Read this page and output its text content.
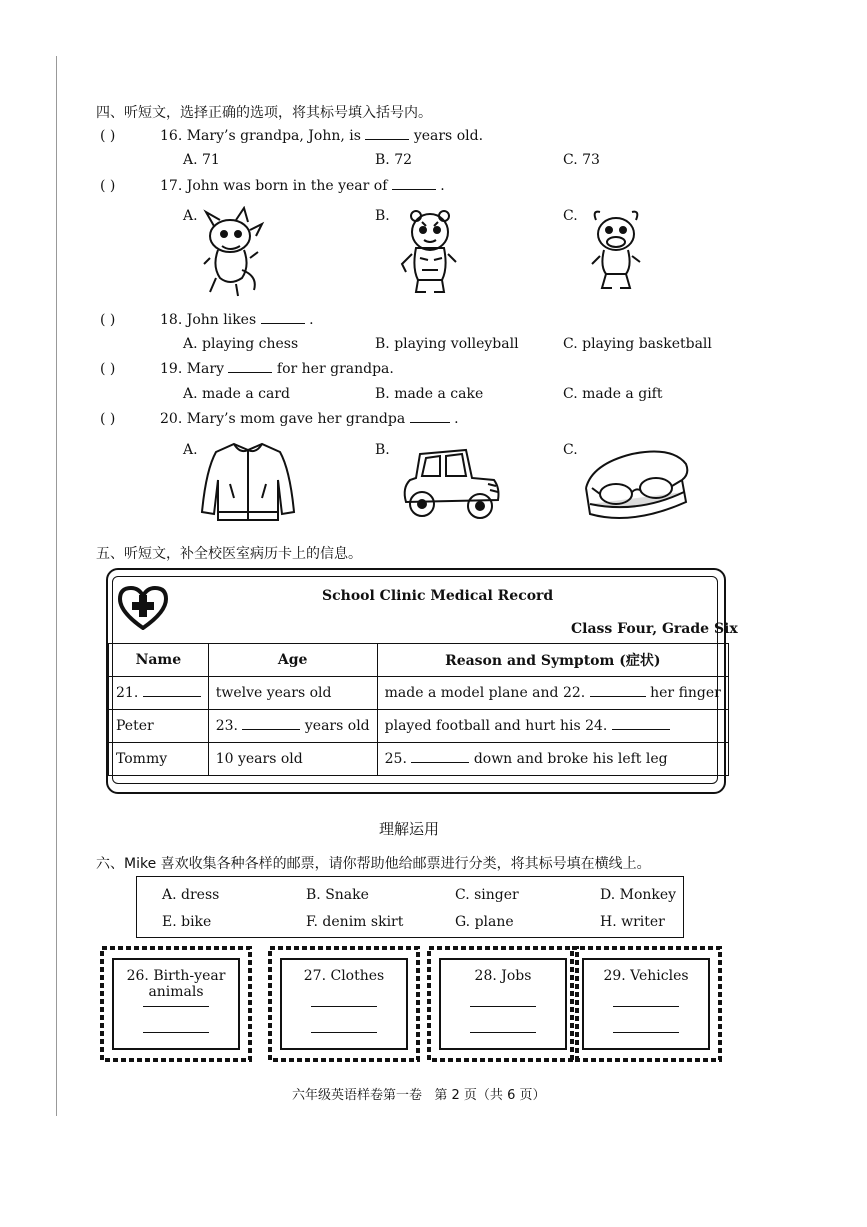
四、听短文，选择正确的选项，将其标号填入括号内。
( )	16. Mary’s grandpa, John, is	years old.
A. 71	B. 72	C. 73
( )	17. John was born in the year of	.
A.	B.	C.
( )	18. John likes	.
A. playing chess	B. playing volleyball	C. playing basketball
( )	19. Mary	for her grandpa.
A. made a card	B. made a cake	C. made a gift
( )	20. Mary’s mom gave her grandpa	.
A.	B.	C.
五、听短文，补全校医室病历卡上的信息。
School Clinic Medical Record
Class Four, Grade Six
Name	Age	Reason and Symptom (症状)
21.	twelve years old	made a model plane and 22. her finger
Peter	23. years old	played football and hurt his 24.
Tommy	10 years old	25. down and broke his left leg
理解运用
六、Mike 喜欢收集各种各样的邮票，请你帮助他给邮票进行分类，将其标号填在横线上。
A. dress	B. Snake	C. singer	D. Monkey
E. bike	F. denim skirt	G. plane	H. writer
26. Birth-year animals
27. Clothes	28. Jobs	29. Vehicles
六年级英语样卷第一卷   第 2 页（共 6 页）
